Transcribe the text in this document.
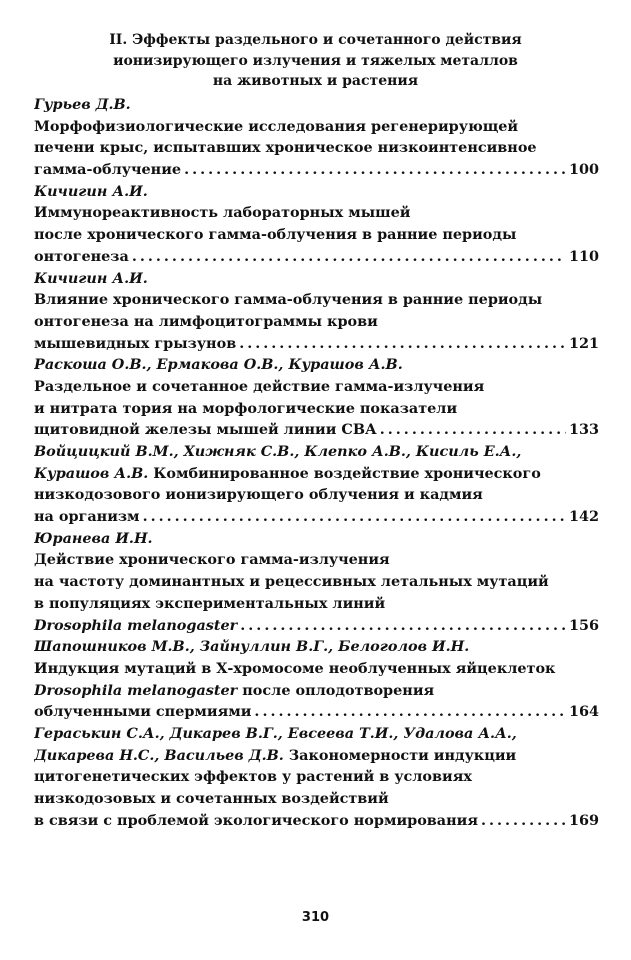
II. Эффекты раздельного и сочетанного действия
ионизирующего излучения и тяжелых металлов
на животных и растения
Гурьев Д.В.
Морфофизиологические исследования регенерирующей
печени крыс, испытавших хроническое низкоинтенсивное
гамма-облучение . . .	100
Кичигин А.И.
Иммунореактивность лабораторных мышей
после хронического гамма-облучения в ранние периоды
онтогенеза . . .	110
Кичигин А.И.
Влияние хронического гамма-облучения в ранние периоды
онтогенеза на лимфоцитограммы крови
мышевидных грызунов . . .	121
Раскоша О.В., Ермакова О.В., Курашов А.В.
Раздельное и сочетанное действие гамма-излучения
и нитрата тория на морфологические показатели
щитовидной железы мышей линии СВА . . .	133
Войцицкий В.М., Хижняк С.В., Клепко А.В., Кисиль Е.А.,
Курашов А.В. Комбинированное воздействие хронического
низкодозового ионизирующего облучения и кадмия
на организм . . .	142
Юранева И.Н.
Действие хронического гамма-излучения
на частоту доминантных и рецессивных летальных мутаций
в популяциях экспериментальных линий
Drosophila melanogaster . . .	156
Шапошников М.В., Зайнуллин В.Г., Белоголов И.Н.
Индукция мутаций в Х-хромосоме необлученных яйцеклеток
Drosophila melanogaster после оплодотворения
облученными спермиями . . .	164
Гераськин С.А., Дикарев В.Г., Евсеева Т.И., Удалова А.А.,
Дикарева Н.С., Васильев Д.В. Закономерности индукции
цитогенетических эффектов у растений в условиях
низкодозовых и сочетанных воздействий
в связи с проблемой экологического нормирования . . .	169
310
